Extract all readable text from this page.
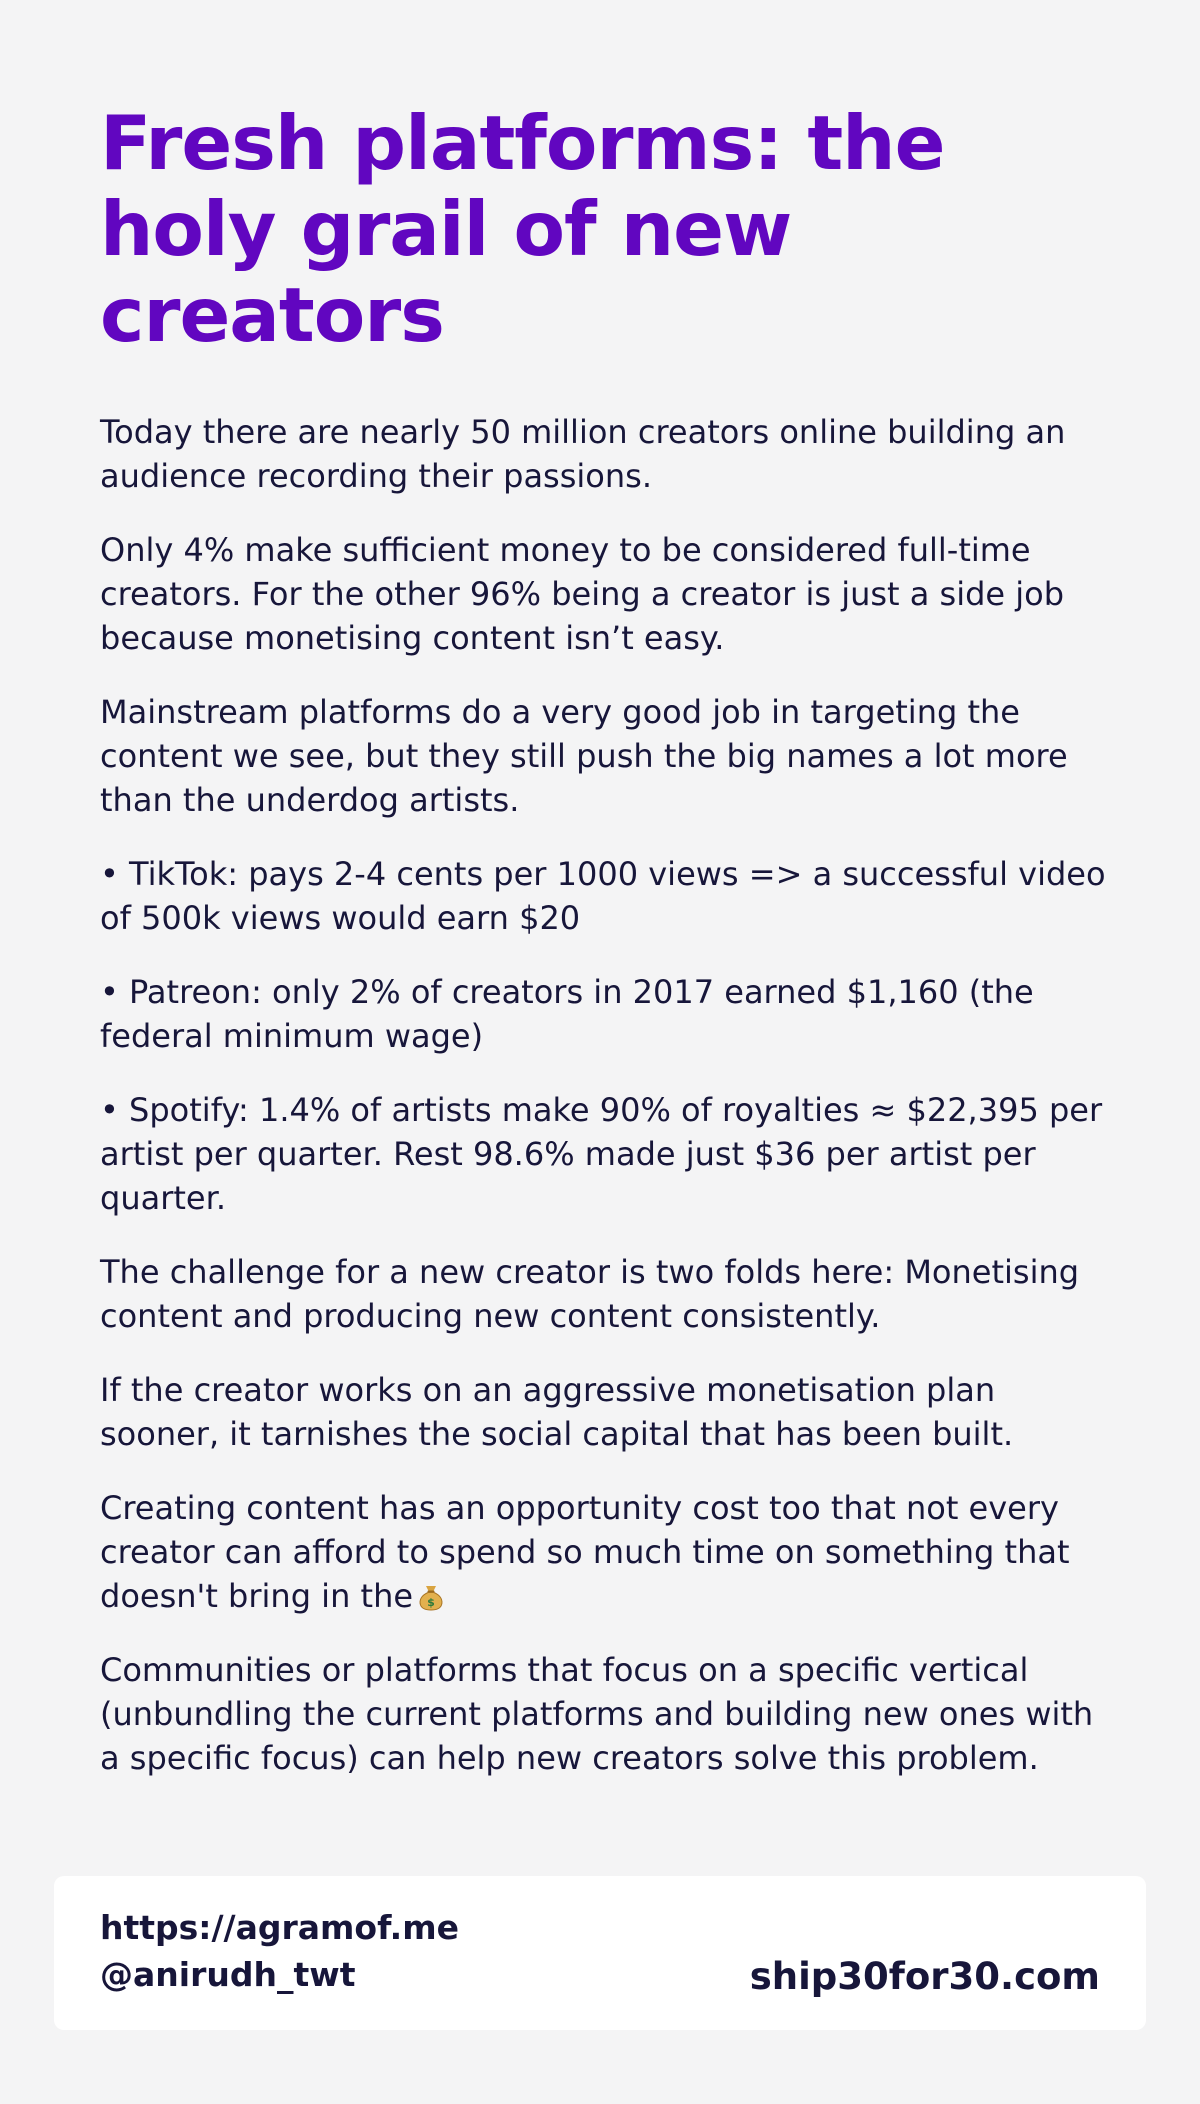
Fresh platforms: the holy grail of new creators

Today there are nearly 50 million creators online building an audience recording their passions.

Only 4% make sufficient money to be considered full-time creators. For the other 96% being a creator is just a side job because monetising content isn’t easy.

Mainstream platforms do a very good job in targeting the content we see, but they still push the big names a lot more than the underdog artists.

• TikTok: pays 2-4 cents per 1000 views => a successful video of 500k views would earn $20

• Patreon: only 2% of creators in 2017 earned $1,160 (the federal minimum wage)

• Spotify: 1.4% of artists make 90% of royalties ≈ $22,395 per artist per quarter. Rest 98.6% made just $36 per artist per quarter.

The challenge for a new creator is two folds here: Monetising content and producing new content consistently.

If the creator works on an aggressive monetisation plan sooner, it tarnishes the social capital that has been built.

Creating content has an opportunity cost too that not every creator can afford to spend so much time on something that doesn't bring in the $

Communities or platforms that focus on a specific vertical (unbundling the current platforms and building new ones with a specific focus) can help new creators solve this problem.

https://agramof.me
@anirudh_twt	ship30for30.com
